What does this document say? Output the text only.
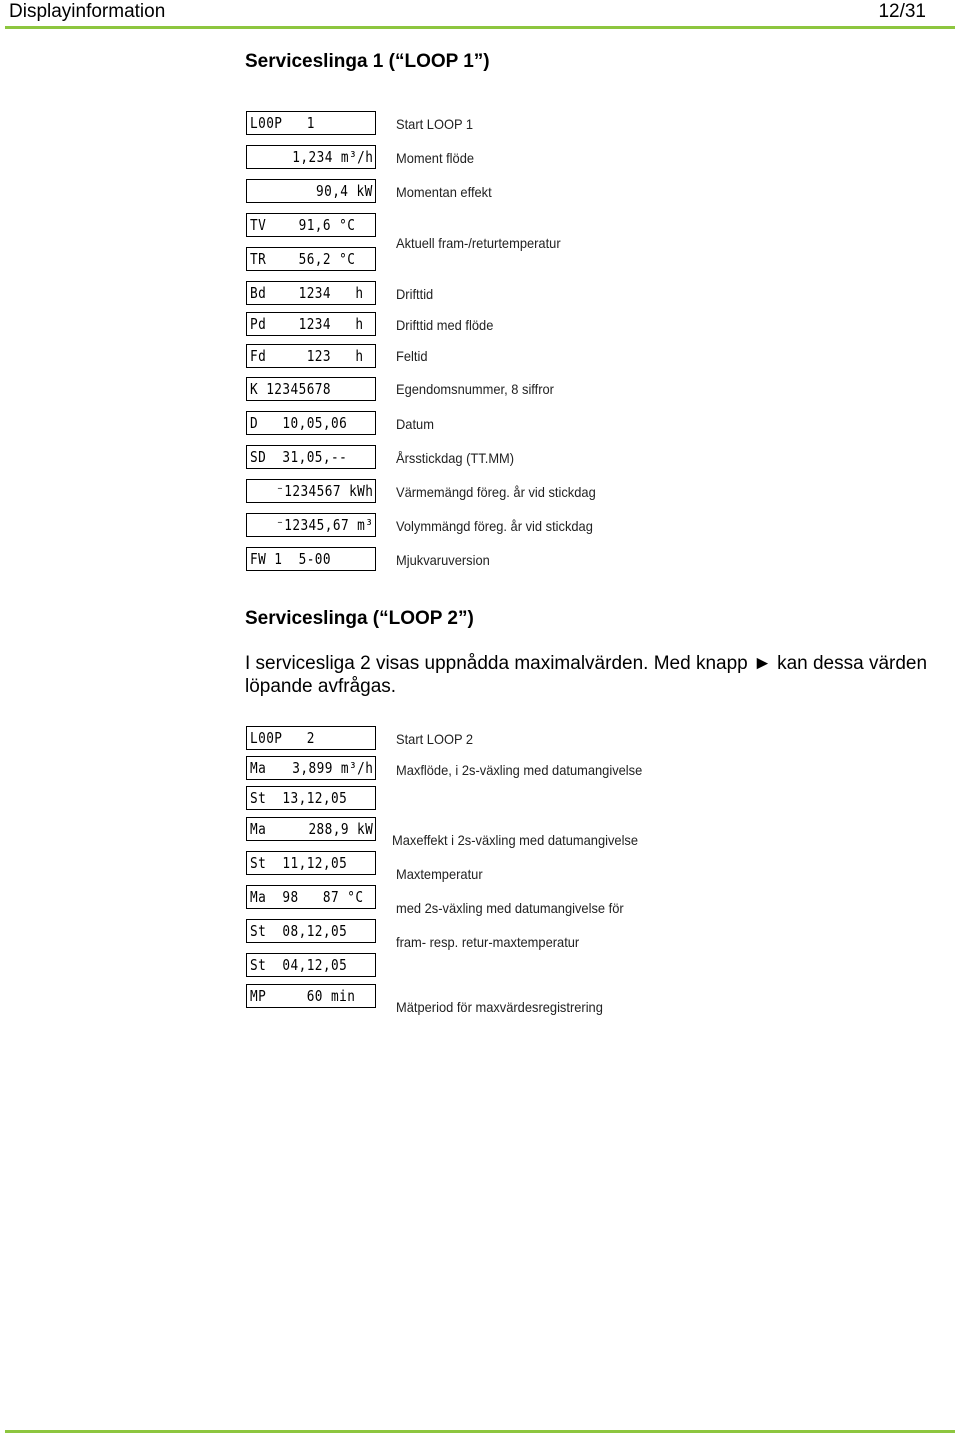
Displayinformation	12/31
Servicesling​a 1 (“LOOP 1”)
L00P   1
1,234 m³/h
90,4 kW
TV    91,6 °C
TR    56,2 °C
Bd    1234   h
Pd    1234   h
Fd     123   h
K 12345678
D   10,05,06
SD  31,05,--
⁻1234567 kWh
⁻12345,67 m³
FW 1  5-00
Start LOOP 1
Moment flöde
Momentan effekt
Aktuell fram-/returtemperatur
Drifttid
Drifttid med flöde
Feltid
Egendomsnummer, 8 siffror
Datum
Årsstickdag (TT.MM)
Värmemängd föreg. år vid stickdag
Volymmängd föreg. år vid stickdag
Mjukvaruversion
Serviceslinga (“LOOP 2”)
I servicesliga 2 visas uppnådda maximalvärden. Med knapp ► kan dessa värden löpande avfrågas.
L00P   2
Ma 3,899 m³/h
St  13,12,05
Ma	288,9 kW
St  11,12,05
Ma  98   87 °C
St  08,12,05
St  04,12,05
MP     60 min
Start LOOP 2
Maxflöde, i 2s-växling med datumangivelse
Maxeffekt i 2s-växling med datumangivelse
Maxtemperatur
med 2s-växling med datumangivelse för
fram- resp. retur-maxtemperatur
Mätperiod för maxvärdesregistrering
